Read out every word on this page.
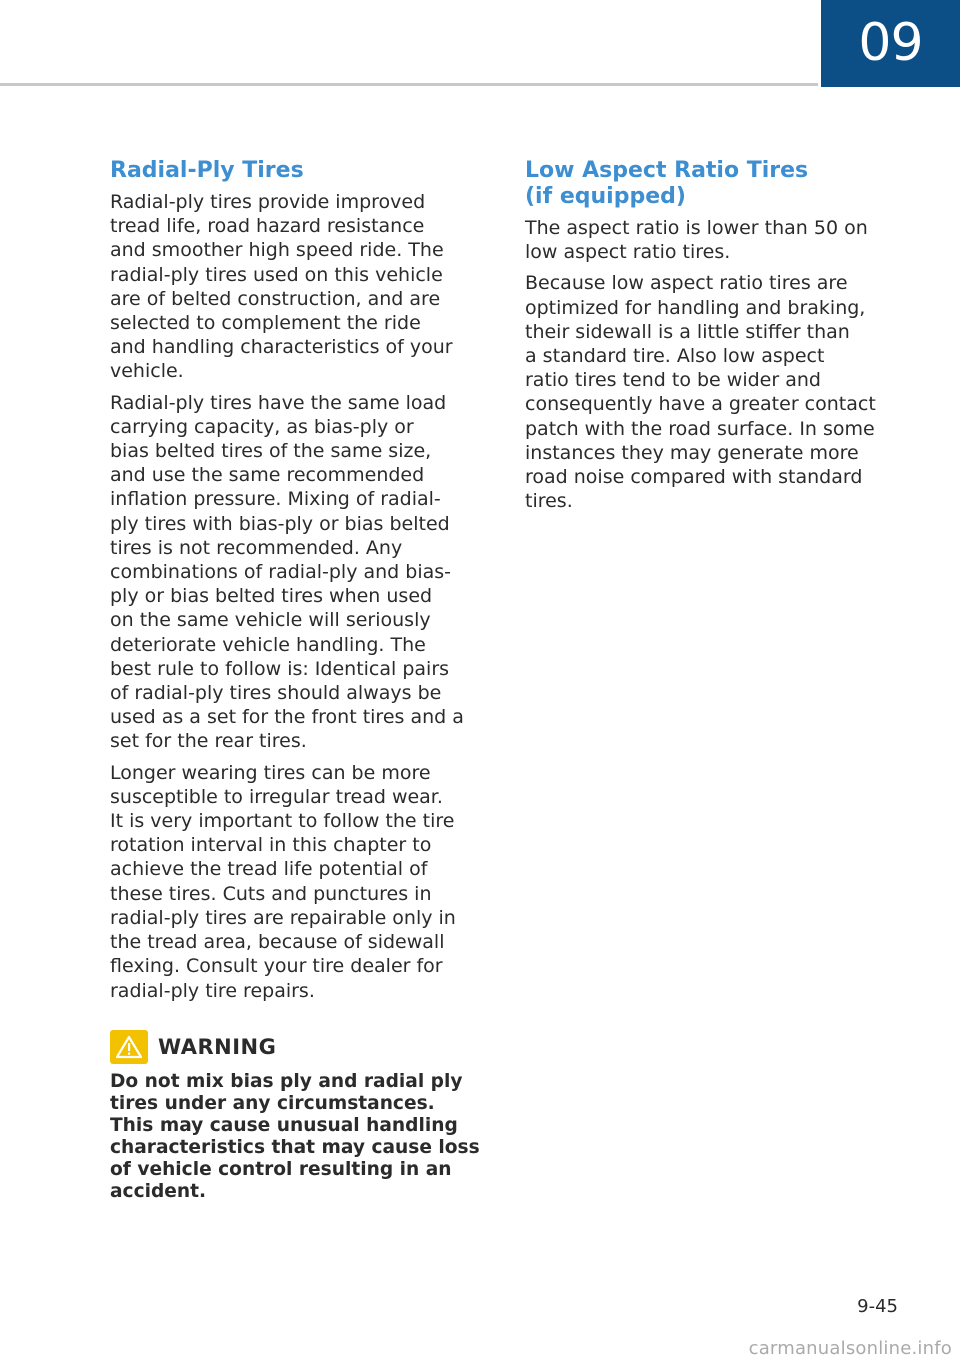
09
Radial-Ply Tires

Radial-ply tires provide improved
tread life, road hazard resistance
and smoother high speed ride. The
radial-ply tires used on this vehicle
are of belted construction, and are
selected to complement the ride
and handling characteristics of your
vehicle.

Radial-ply tires have the same load
carrying capacity, as bias-ply or
bias belted tires of the same size,
and use the same recommended
inflation pressure. Mixing of radial-
ply tires with bias-ply or bias belted
tires is not recommended. Any
combinations of radial-ply and bias-
ply or bias belted tires when used
on the same vehicle will seriously
deteriorate vehicle handling. The
best rule to follow is: Identical pairs
of radial-ply tires should always be
used as a set for the front tires and a
set for the rear tires.

Longer wearing tires can be more
susceptible to irregular tread wear.
It is very important to follow the tire
rotation interval in this chapter to
achieve the tread life potential of
these tires. Cuts and punctures in
radial-ply tires are repairable only in
the tread area, because of sidewall
flexing. Consult your tire dealer for
radial-ply tire repairs.

WARNING

Do not mix bias ply and radial ply
tires under any circumstances.
This may cause unusual handling
characteristics that may cause loss
of vehicle control resulting in an
accident.

Low Aspect Ratio Tires
(if equipped)

The aspect ratio is lower than 50 on
low aspect ratio tires.

Because low aspect ratio tires are
optimized for handling and braking,
their sidewall is a little stiffer than
a standard tire. Also low aspect
ratio tires tend to be wider and
consequently have a greater contact
patch with the road surface. In some
instances they may generate more
road noise compared with standard
tires.

9-45
carmanualsonline.info
